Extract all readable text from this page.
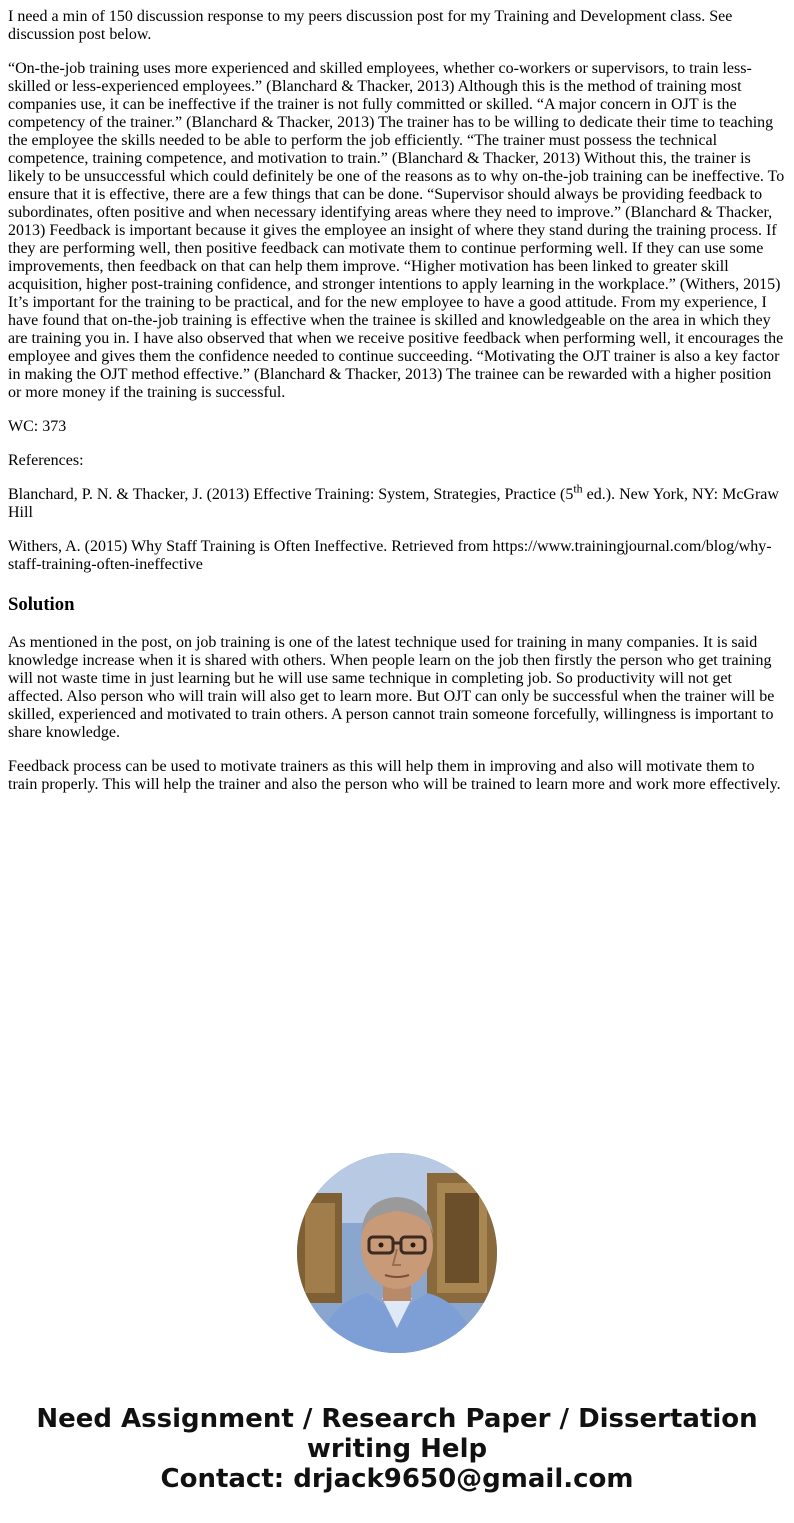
I need a min of 150 discussion response to my peers discussion post for my Training and Development class. See discussion post below.

“On-the-job training uses more experienced and skilled employees, whether co-workers or supervisors, to train less-skilled or less-experienced employees.” (Blanchard & Thacker, 2013) Although this is the method of training most companies use, it can be ineffective if the trainer is not fully committed or skilled. “A major concern in OJT is the competency of the trainer.” (Blanchard & Thacker, 2013) The trainer has to be willing to dedicate their time to teaching the employee the skills needed to be able to perform the job efficiently. “The trainer must possess the technical competence, training competence, and motivation to train.” (Blanchard & Thacker, 2013) Without this, the trainer is likely to be unsuccessful which could definitely be one of the reasons as to why on-the-job training can be ineffective. To ensure that it is effective, there are a few things that can be done. “Supervisor should always be providing feedback to subordinates, often positive and when necessary identifying areas where they need to improve.” (Blanchard & Thacker, 2013) Feedback is important because it gives the employee an insight of where they stand during the training process. If they are performing well, then positive feedback can motivate them to continue performing well. If they can use some improvements, then feedback on that can help them improve. “Higher motivation has been linked to greater skill acquisition, higher post-training confidence, and stronger intentions to apply learning in the workplace.” (Withers, 2015) It’s important for the training to be practical, and for the new employee to have a good attitude. From my experience, I have found that on-the-job training is effective when the trainee is skilled and knowledgeable on the area in which they are training you in. I have also observed that when we receive positive feedback when performing well, it encourages the employee and gives them the confidence needed to continue succeeding. “Motivating the OJT trainer is also a key factor in making the OJT method effective.” (Blanchard & Thacker, 2013) The trainee can be rewarded with a higher position or more money if the training is successful.

WC: 373

References:

Blanchard, P. N. & Thacker, J. (2013) Effective Training: System, Strategies, Practice (5th ed.). New York, NY: McGraw Hill

Withers, A. (2015) Why Staff Training is Often Ineffective. Retrieved from https://www.trainingjournal.com/blog/why-staff-training-often-ineffective

Solution

As mentioned in the post, on job training is one of the latest technique used for training in many companies. It is said knowledge increase when it is shared with others. When people learn on the job then firstly the person who get training will not waste time in just learning but he will use same technique in completing job. So productivity will not get affected. Also person who will train will also get to learn more. But OJT can only be successful when the trainer will be skilled, experienced and motivated to train others. A person cannot train someone forcefully, willingness is important to share knowledge.

Feedback process can be used to motivate trainers as this will help them in improving and also will motivate them to train properly. This will help the trainer and also the person who will be trained to learn more and work more effectively.

Need Assignment / Research Paper / Dissertation
writing Help
Contact: drjack9650@gmail.com
